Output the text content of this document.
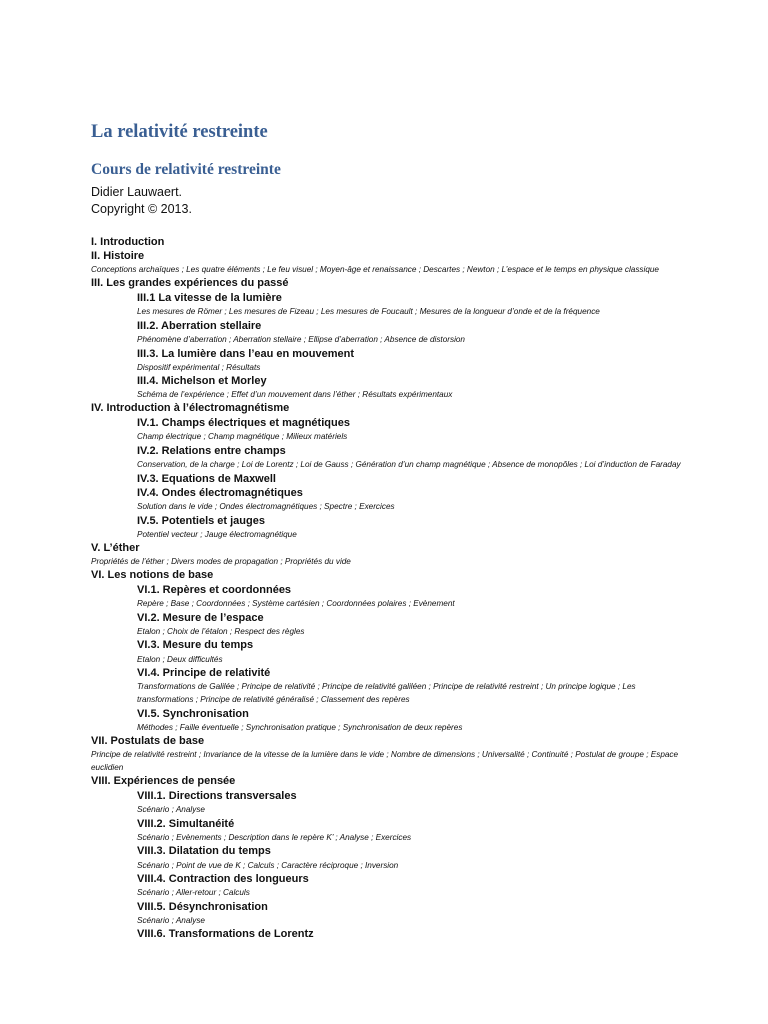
La relativité restreinte
Cours de relativité restreinte
Didier Lauwaert.
Copyright © 2013.
I. Introduction
II. Histoire
Conceptions archaïques ; Les quatre éléments ; Le feu visuel ; Moyen-âge et renaissance ; Descartes ; Newton ; L’espace et le temps en physique classique
III. Les grandes expériences du passé
III.1 La vitesse de la lumière
Les mesures de Römer ; Les mesures de Fizeau ; Les mesures de Foucault ; Mesures de la longueur d’onde et de la fréquence
III.2. Aberration stellaire
Phénomène d’aberration ; Aberration stellaire ; Ellipse d’aberration ; Absence de distorsion
III.3. La lumière dans l’eau en mouvement
Dispositif expérimental ; Résultats
III.4. Michelson et Morley
Schéma de l’expérience ; Effet d’un mouvement dans l’éther ; Résultats expérimentaux
IV. Introduction à l’électromagnétisme
IV.1. Champs électriques et magnétiques
Champ électrique ; Champ magnétique ; Milieux matériels
IV.2. Relations entre champs
Conservation, de la charge ; Loi de Lorentz ; Loi de Gauss ; Génération d’un champ magnétique ; Absence de monopôles ; Loi d’induction de Faraday
IV.3. Equations de Maxwell
IV.4. Ondes électromagnétiques
Solution dans le vide ; Ondes électromagnétiques ; Spectre ; Exercices
IV.5. Potentiels et jauges
Potentiel vecteur ; Jauge électromagnétique
V. L’éther
Propriétés de l’éther ; Divers modes de propagation ; Propriétés du vide
VI. Les notions de base
VI.1. Repères et coordonnées
Repère ; Base ; Coordonnées ; Système cartésien ; Coordonnées polaires ; Evènement
VI.2. Mesure de l’espace
Etalon ; Choix de l’étalon ; Respect des règles
VI.3. Mesure du temps
Etalon ; Deux difficultés
VI.4. Principe de relativité
Transformations de Galilée ; Principe de relativité ; Principe de relativité galiléen ; Principe de relativité restreint ; Un principe logique ; Les transformations ; Principe de relativité généralisé ; Classement des repères
VI.5. Synchronisation
Méthodes ; Faille éventuelle ; Synchronisation pratique ; Synchronisation de deux repères
VII. Postulats de base
Principe de relativité restreint ; Invariance de la vitesse de la lumière dans le vide ; Nombre de dimensions ; Universalité ; Continuité ; Postulat de groupe ; Espace euclidien
VIII. Expériences de pensée
VIII.1. Directions transversales
Scénario ; Analyse
VIII.2. Simultanéité
Scénario ; Evènements ; Description dans le repère K’ ; Analyse ; Exercices
VIII.3. Dilatation du temps
Scénario ; Point de vue de K ; Calculs ; Caractère réciproque ; Inversion
VIII.4. Contraction des longueurs
Scénario ; Aller-retour ; Calculs
VIII.5. Désynchronisation
Scénario ; Analyse
VIII.6. Transformations de Lorentz
